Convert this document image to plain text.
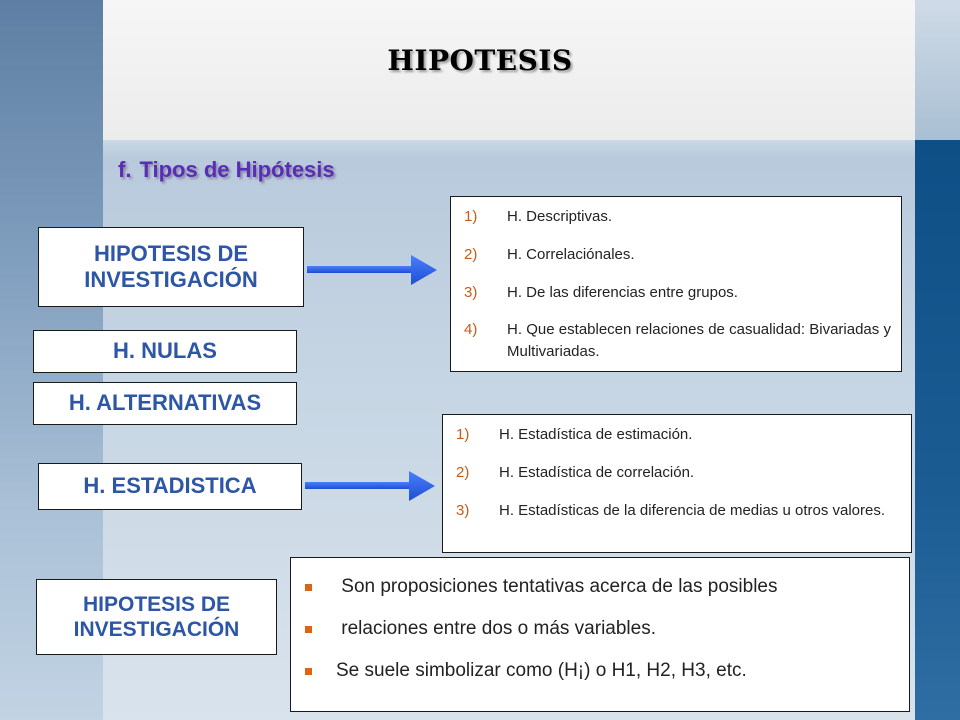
HIPOTESIS
f. Tipos de Hipótesis
HIPOTESIS DE
INVESTIGACIÓN
1)	H. Descriptivas.
2)	H. Correlaciónales.
3)	H. De las diferencias entre grupos.
4)	H. Que establecen relaciones de casualidad: Bivariadas y Multivariadas.
H. NULAS
H. ALTERNATIVAS
H. ESTADISTICA
1)	H. Estadística de estimación.
2)	H. Estadística de correlación.
3)	H. Estadísticas de la diferencia de medias u otros valores.
HIPOTESIS DE
INVESTIGACIÓN
Son proposiciones tentativas acerca de las posibles
relaciones entre dos o más variables.
Se suele simbolizar como (H¡) o H1, H2, H3, etc.
